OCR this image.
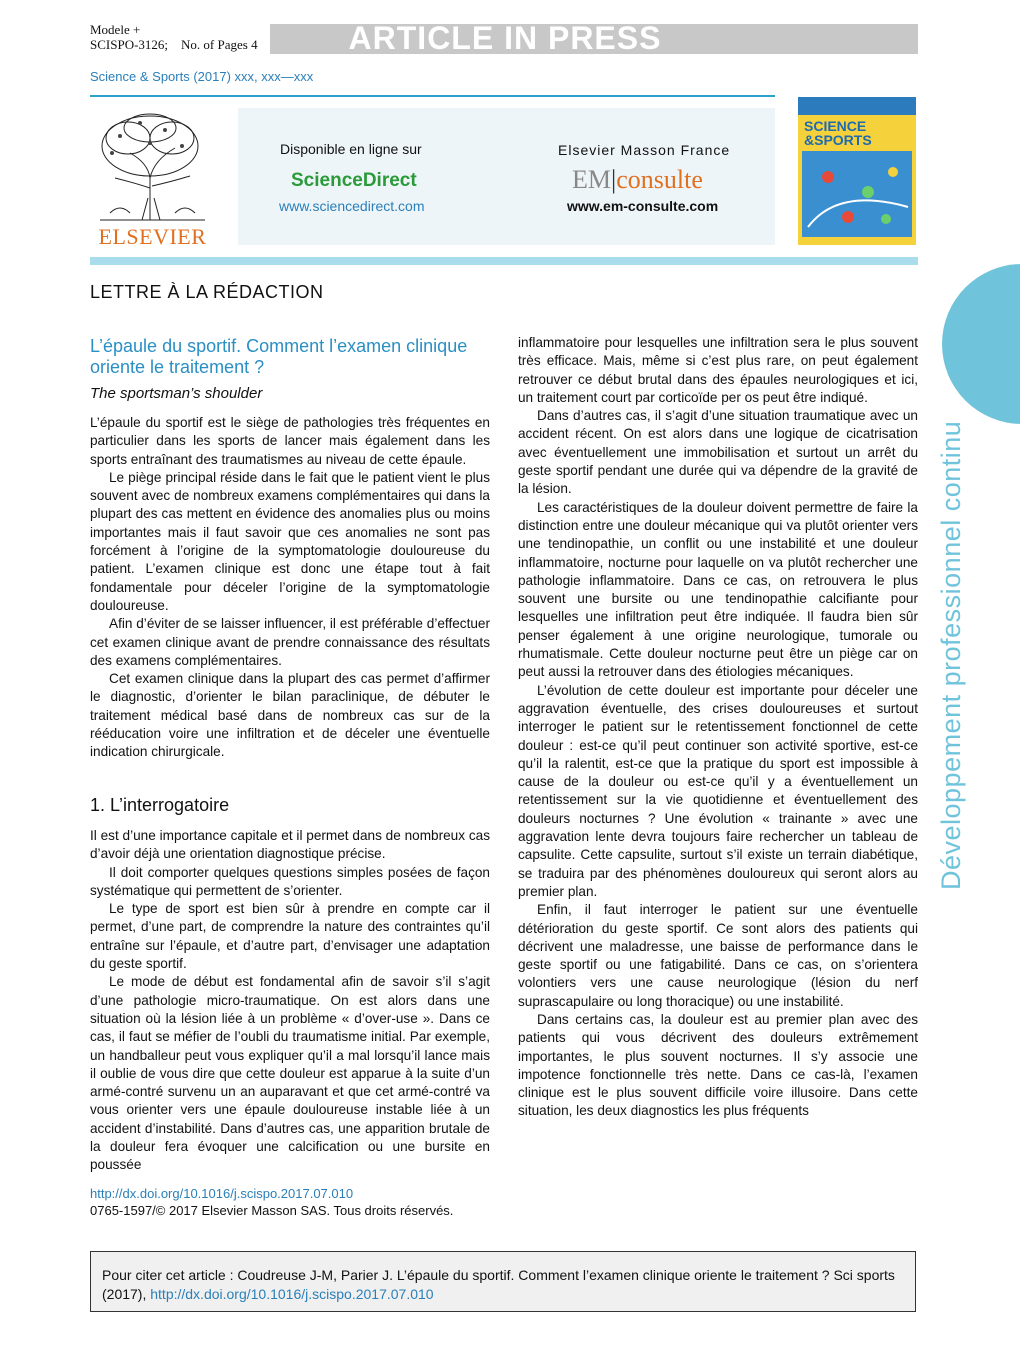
Modele +
SCISPO-3126; No. of Pages 4	ARTICLE IN PRESS
Science & Sports (2017) xxx, xxx—xxx
ELSEVIER
Disponible en ligne sur
ScienceDirect
www.sciencedirect.com
Elsevier Masson France
EM|consulte
www.em-consulte.com
SCIENCE
&SPORTS
LETTRE À LA RÉDACTION
Développement professionnel continu
L’épaule du sportif. Comment l’examen clinique oriente le traitement ?
The sportsman’s shoulder

L’épaule du sportif est le siège de pathologies très fréquentes en particulier dans les sports de lancer mais également dans les sports entraînant des traumatismes au niveau de cette épaule.

Le piège principal réside dans le fait que le patient vient le plus souvent avec de nombreux examens complémentaires qui dans la plupart des cas mettent en évidence des anomalies plus ou moins importantes mais il faut savoir que ces anomalies ne sont pas forcément à l’origine de la symptomatologie douloureuse du patient. L’examen clinique est donc une étape tout à fait fondamentale pour déceler l’origine de la symptomatologie douloureuse.

Afin d’éviter de se laisser influencer, il est préférable d’effectuer cet examen clinique avant de prendre connaissance des résultats des examens complémentaires.

Cet examen clinique dans la plupart des cas permet d’affirmer le diagnostic, d’orienter le bilan paraclinique, de débuter le traitement médical basé dans de nombreux cas sur de la rééducation voire une infiltration et de déceler une éventuelle indication chirurgicale.

1. L’interrogatoire

Il est d’une importance capitale et il permet dans de nombreux cas d’avoir déjà une orientation diagnostique précise.

Il doit comporter quelques questions simples posées de façon systématique qui permettent de s’orienter.

Le type de sport est bien sûr à prendre en compte car il permet, d’une part, de comprendre la nature des contraintes qu’il entraîne sur l’épaule, et d’autre part, d’envisager une adaptation du geste sportif.

Le mode de début est fondamental afin de savoir s’il s’agit d’une pathologie micro-traumatique. On est alors dans une situation où la lésion liée à un problème « d’over-use ». Dans ce cas, il faut se méfier de l’oubli du traumatisme initial. Par exemple, un handballeur peut vous expliquer qu’il a mal lorsqu’il lance mais il oublie de vous dire que cette douleur est apparue à la suite d’un armé-contré survenu un an auparavant et que cet armé-contré va vous orienter vers une épaule douloureuse instable liée à un accident d’instabilité. Dans d’autres cas, une apparition brutale de la douleur fera évoquer une calcification ou une bursite en poussée

inflammatoire pour lesquelles une infiltration sera le plus souvent très efficace. Mais, même si c’est plus rare, on peut également retrouver ce début brutal dans des épaules neurologiques et ici, un traitement court par corticoïde per os peut être indiqué.

Dans d’autres cas, il s’agit d’une situation traumatique avec un accident récent. On est alors dans une logique de cicatrisation avec éventuellement une immobilisation et surtout un arrêt du geste sportif pendant une durée qui va dépendre de la gravité de la lésion.

Les caractéristiques de la douleur doivent permettre de faire la distinction entre une douleur mécanique qui va plutôt orienter vers une tendinopathie, un conflit ou une instabilité et une douleur inflammatoire, nocturne pour laquelle on va plutôt rechercher une pathologie inflammatoire. Dans ce cas, on retrouvera le plus souvent une bursite ou une tendinopathie calcifiante pour lesquelles une infiltration peut être indiquée. Il faudra bien sûr penser également à une origine neurologique, tumorale ou rhumatismale. Cette douleur nocturne peut être un piège car on peut aussi la retrouver dans des étiologies mécaniques.

L’évolution de cette douleur est importante pour déceler une aggravation éventuelle, des crises douloureuses et surtout interroger le patient sur le retentissement fonctionnel de cette douleur : est-ce qu’il peut continuer son activité sportive, est-ce qu’il la ralentit, est-ce que la pratique du sport est impossible à cause de la douleur ou est-ce qu’il y a éventuellement un retentissement sur la vie quotidienne et éventuellement des douleurs nocturnes ? Une évolution « trainante » avec une aggravation lente devra toujours faire rechercher un tableau de capsulite. Cette capsulite, surtout s’il existe un terrain diabétique, se traduira par des phénomènes douloureux qui seront alors au premier plan.

Enfin, il faut interroger le patient sur une éventuelle détérioration du geste sportif. Ce sont alors des patients qui décrivent une maladresse, une baisse de performance dans le geste sportif ou une fatigabilité. Dans ce cas, on s’orientera volontiers vers une cause neurologique (lésion du nerf suprascapulaire ou long thoracique) ou une instabilité.

Dans certains cas, la douleur est au premier plan avec des patients qui vous décrivent des douleurs extrêmement importantes, le plus souvent nocturnes. Il s’y associe une impotence fonctionnelle très nette. Dans ce cas-là, l’examen clinique est le plus souvent difficile voire illusoire. Dans cette situation, les deux diagnostics les plus fréquents

http://dx.doi.org/10.1016/j.scispo.2017.07.010
0765-1597/© 2017 Elsevier Masson SAS. Tous droits réservés.
Pour citer cet article : Coudreuse J-M, Parier J. L’épaule du sportif. Comment l’examen clinique oriente le traitement ? Sci sports (2017), http://dx.doi.org/10.1016/j.scispo.2017.07.010
